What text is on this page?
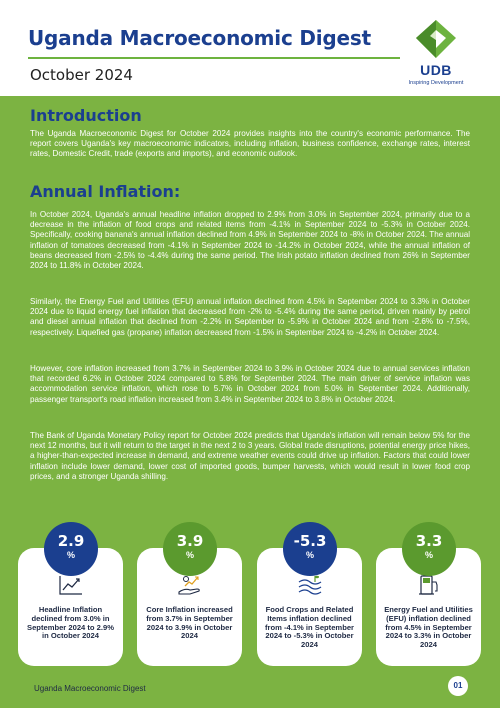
Uganda Macroeconomic Digest
October 2024	UDB
Inspiring Development
Introduction
The Uganda Macroeconomic Digest for October 2024 provides insights into the country's economic performance. The report covers Uganda's key macroeconomic indicators, including inflation, business confidence, exchange rates, interest rates, Domestic Credit, trade (exports and imports), and economic outlook.
Annual Inflation:
In October 2024, Uganda's annual headline inflation dropped to 2.9% from 3.0% in September 2024, primarily due to a decrease in the inflation of food crops and related items from -4.1% in September 2024 to -5.3% in October 2024. Specifically, cooking banana's annual inflation declined from 4.9% in September 2024 to -8% in October 2024. The annual inflation of tomatoes decreased from -4.1% in September 2024 to -14.2% in October 2024, while the annual inflation of beans decreased from -2.5% to -4.4% during the same period. The Irish potato inflation declined from 26% in September 2024 to 11.8% in October 2024.
Similarly, the Energy Fuel and Utilities (EFU) annual inflation declined from 4.5% in September 2024 to 3.3% in October 2024 due to liquid energy fuel inflation that decreased from -2% to -5.4% during the same period, driven mainly by petrol and diesel annual inflation that declined from -2.2% in September to -5.9% in October 2024 and from -2.6% to -7.5%, respectively. Liquefied gas (propane) inflation decreased from -1.5% in September 2024 to -4.2% in October 2024.
However, core inflation increased from 3.7% in September 2024 to 3.9% in October 2024 due to annual services inflation that recorded 6.2% in October 2024 compared to 5.8% for September 2024. The main driver of service inflation was accommodation service inflation, which rose to 5.7% in October 2024 from 5.0% in September 2024. Additionally, passenger transport's road inflation increased from 3.4% in September 2024 to 3.8% in October 2024.
The Bank of Uganda Monetary Policy report for October 2024 predicts that Uganda's inflation will remain below 5% for the next 12 months, but it will return to the target in the next 2 to 3 years. Global trade disruptions, potential energy price hikes, a higher-than-expected increase in demand, and extreme weather events could drive up inflation. Factors that could lower inflation include lower demand, lower cost of imported goods, bumper harvests, which would result in lower food crop prices, and a stronger Uganda shilling.
Headline Inflation declined from 3.0% in September 2024 to 2.9% in October 2024
2.9
%
Core Inflation increased from 3.7% in September 2024 to 3.9% in October 2024
3.9
%
Food Crops and Related Items inflation declined from -4.1% in September 2024 to -5.3% in October 2024
-5.3
%
Energy Fuel and Utilities (EFU) inflation declined from 4.5% in September 2024 to 3.3% in October 2024
3.3
%
Uganda Macroeconomic Digest	01
